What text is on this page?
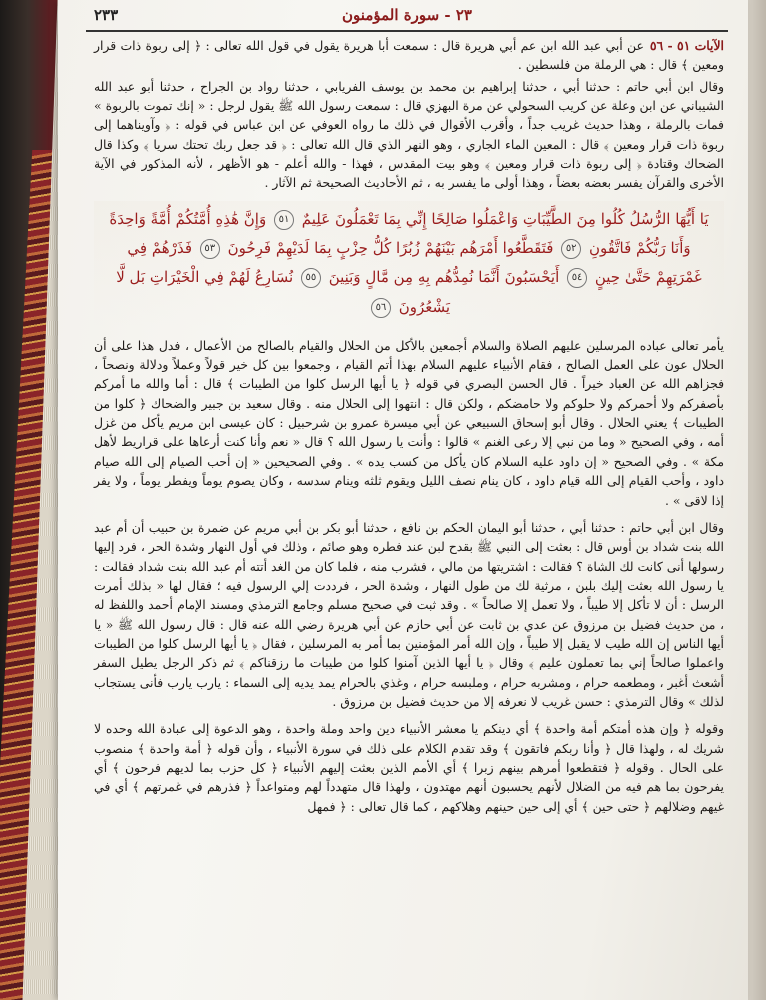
٢٣٣	٢٣ - سورة المؤمنون

الآيات ٥١ - ٥٦
عن أبي عبد الله ابن عم أبي هريرة قال : سمعت أبا هريرة يقول في قول الله تعالى : ﴿ إلى ربوة ذات قرار ومعين ﴾ قال : هي الرملة من فلسطين .

وقال ابن أبي حاتم : حدثنا أبي ، حدثنا إبراهيم بن محمد بن يوسف الفريابي ، حدثنا رواد بن الجراح ، حدثنا أبو عبد الله الشيباني عن ابن وعلة عن كريب السحولي عن مرة البهزي قال : سمعت رسول الله ﷺ يقول لرجل : « إنك تموت بالربوة » فمات بالرملة ، وهذا حديث غريب جداً ، وأقرب الأقوال في ذلك ما رواه العوفي عن ابن عباس في قوله : ﴿ وآويناهما إلى ربوة ذات قرار ومعين ﴾ قال : المعين الماء الجاري ، وهو النهر الذي قال الله تعالى : ﴿ قد جعل ربك تحتك سريا ﴾ وكذا قال الضحاك وقتادة ﴿ إلى ربوة ذات قرار ومعين ﴾ وهو بيت المقدس ، فهذا - والله أعلم - هو الأظهر ، لأنه المذكور في الآية الأخرى والقرآن يفسر بعضه بعضاً ، وهذا أولى ما يفسر به ، ثم الأحاديث الصحيحة ثم الآثار .

يَا أَيُّهَا الرُّسُلُ كُلُوا مِنَ الطَّيِّبَاتِ وَاعْمَلُوا صَالِحًا إِنِّي بِمَا تَعْمَلُونَ عَلِيمٌ ٥١ وَإِنَّ هَٰذِهِ أُمَّتُكُمْ أُمَّةً وَاحِدَةً وَأَنَا رَبُّكُمْ فَاتَّقُونِ ٥٢ فَتَقَطَّعُوا أَمْرَهُم بَيْنَهُمْ زُبُرًا كُلُّ حِزْبٍ بِمَا لَدَيْهِمْ فَرِحُونَ ٥٣ فَذَرْهُمْ فِي غَمْرَتِهِمْ حَتَّىٰ حِينٍ ٥٤ أَيَحْسَبُونَ أَنَّمَا نُمِدُّهُم بِهِ مِن مَّالٍ وَبَنِينَ ٥٥ نُسَارِعُ لَهُمْ فِي الْخَيْرَاتِ بَل لَّا يَشْعُرُونَ ٥٦

يأمر تعالى عباده المرسلين عليهم الصلاة والسلام أجمعين بالأكل من الحلال والقيام بالصالح من الأعمال ، فدل هذا على أن الحلال عون على العمل الصالح ، فقام الأنبياء عليهم السلام بهذا أتم القيام ، وجمعوا بين كل خير قولاً وعملاً ودلالة ونصحاً ، فجزاهم الله عن العباد خيراً . قال الحسن البصري في قوله ﴿ يا أيها الرسل كلوا من الطيبات ﴾ قال : أما والله ما أمركم بأصفركم ولا أحمركم ولا حلوكم ولا حامضكم ، ولكن قال : انتهوا إلى الحلال منه . وقال سعيد بن جبير والضحاك ﴿ كلوا من الطيبات ﴾ يعني الحلال . وقال أبو إسحاق السبيعي عن أبي ميسرة عمرو بن شرحبيل : كان عيسى ابن مريم يأكل من غزل أمه ، وفي الصحيح « وما من نبي إلا رعى الغنم » قالوا : وأنت يا رسول الله ؟ قال « نعم وأنا كنت أرعاها على قراريط لأهل مكة » . وفي الصحيح « إن داود عليه السلام كان يأكل من كسب يده » . وفي الصحيحين « إن أحب الصيام إلى الله صيام داود ، وأحب القيام إلى الله قيام داود ، كان ينام نصف الليل ويقوم ثلثه وينام سدسه ، وكان يصوم يوماً ويفطر يوماً ، ولا يفر إذا لاقى » .

وقال ابن أبي حاتم : حدثنا أبي ، حدثنا أبو اليمان الحكم بن نافع ، حدثنا أبو بكر بن أبي مريم عن ضمرة بن حبيب أن أم عبد الله بنت شداد بن أوس قال : بعثت إلى النبي ﷺ بقدح لبن عند فطره وهو صائم ، وذلك في أول النهار وشدة الحر ، فرد إليها رسولها أنى كانت لك الشاة ؟ فقالت : اشتريتها من مالي ، فشرب منه ، فلما كان من الغد أتته أم عبد الله بنت شداد فقالت : يا رسول الله بعثت إليك بلبن ، مرثية لك من طول النهار ، وشدة الحر ، فرددت إلي الرسول فيه ؛ فقال لها « بذلك أمرت الرسل : أن لا تأكل إلا طيباً ، ولا تعمل إلا صالحاً » . وقد ثبت في صحيح مسلم وجامع الترمذي ومسند الإمام أحمد واللفظ له ، من حديث فضيل بن مرزوق عن عدي بن ثابت عن أبي حازم عن أبي هريرة رضي الله عنه قال : قال رسول الله ﷺ « يا أيها الناس إن الله طيب لا يقبل إلا طيباً ، وإن الله أمر المؤمنين بما أمر به المرسلين ، فقال ﴿ يا أيها الرسل كلوا من الطيبات واعملوا صالحاً إني بما تعملون عليم ﴾ وقال ﴿ يا أيها الذين آمنوا كلوا من طيبات ما رزقناكم ﴾ ثم ذكر الرجل يطيل السفر أشعث أغبر ، ومطعمه حرام ، ومشربه حرام ، وملبسه حرام ، وغذي بالحرام يمد يديه إلى السماء : يارب يارب فأنى يستجاب لذلك » وقال الترمذي : حسن غريب لا نعرفه إلا من حديث فضيل بن مرزوق .

وقوله ﴿ وإن هذه أمتكم أمة واحدة ﴾ أي دينكم يا معشر الأنبياء دين واحد وملة واحدة ، وهو الدعوة إلى عبادة الله وحده لا شريك له ، ولهذا قال ﴿ وأنا ربكم فاتقون ﴾ وقد تقدم الكلام على ذلك في سورة الأنبياء ، وأن قوله ﴿ أمة واحدة ﴾ منصوب على الحال . وقوله ﴿ فتقطعوا أمرهم بينهم زبرا ﴾ أي الأمم الذين بعثت إليهم الأنبياء ﴿ كل حزب بما لديهم فرحون ﴾ أي يفرحون بما هم فيه من الضلال لأنهم يحسبون أنهم مهتدون ، ولهذا قال متهدداً لهم ومتواعداً ﴿ فذرهم في غمرتهم ﴾ أي في غيهم وضلالهم ﴿ حتى حين ﴾ أي إلى حين حينهم وهلاكهم ، كما قال تعالى : ﴿ فمهل
